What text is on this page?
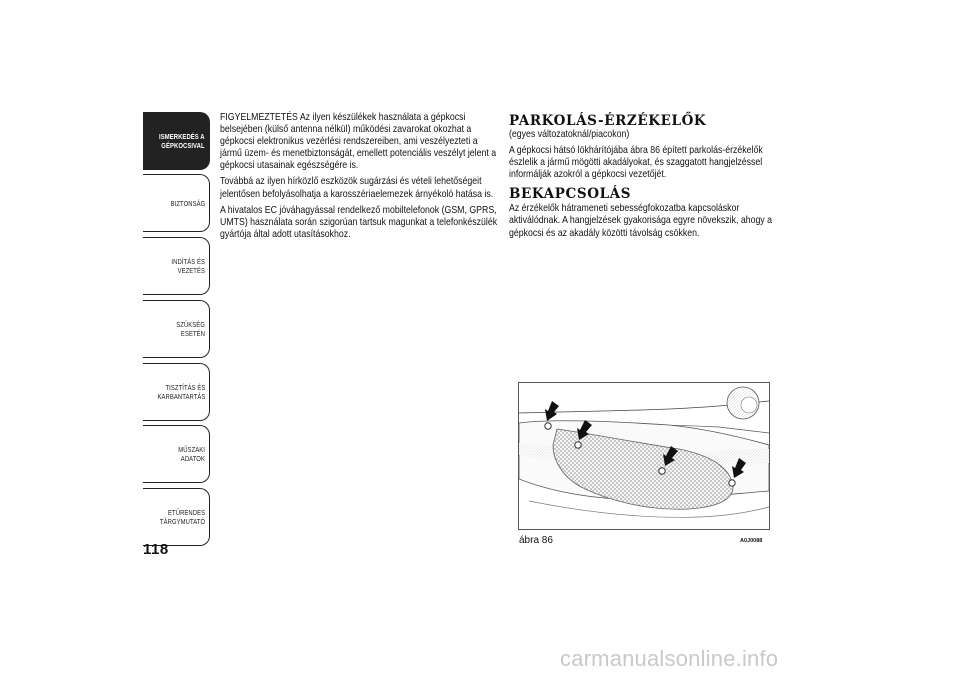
ISMERKEDÉS A
GÉPKOCSIVAL
BIZTONSÁG
INDÍTÁS ÉS VEZETÉS
SZÜKSÉG ESETÉN
TISZTÍTÁS ÉS
KARBANTARTÁS
MŰSZAKI ADATOK
ETŰRENDES
TÁRGYMUTATÓ
118

FIGYELMEZTETÉS Az ilyen készülékek használata a gépkocsi belsejében (külső antenna nélkül) működési zavarokat okozhat a gépkocsi elektronikus vezérlési rendszereiben, ami veszélyezteti a jármű üzem- és menetbiztonságát, emellett potenciális veszélyt jelent a gépkocsi utasainak egészségére is.

Továbbá az ilyen hírközlő eszközök sugárzási és vételi lehetőségeit jelentősen befolyásolhatja a karosszériaelemezek árnyékoló hatása is.

A hivatalos EC jóváhagyással rendelkező mobiltelefonok (GSM, GPRS, UMTS) használata során szigorúan tartsuk magunkat a telefonkészülék gyártója által adott utasításokhoz.

PARKOLÁS-ÉRZÉKELŐK

(egyes változatoknál/piacokon)

A gépkocsi hátsó lökhárítójába ábra 86 épített parkolás-érzékelők észlelik a jármű mögötti akadályokat, és szaggatott hangjelzéssel informálják azokról a gépkocsi vezetőjét.

BEKAPCSOLÁS

Az érzékelők hátrameneti sebességfokozatba kapcsoláskor aktiválódnak. A hangjelzések gyakorisága egyre növekszik, ahogy a gépkocsi és az akadály közötti távolság csökken.

ábra 86	A0J0088
carmanualsonline.info
